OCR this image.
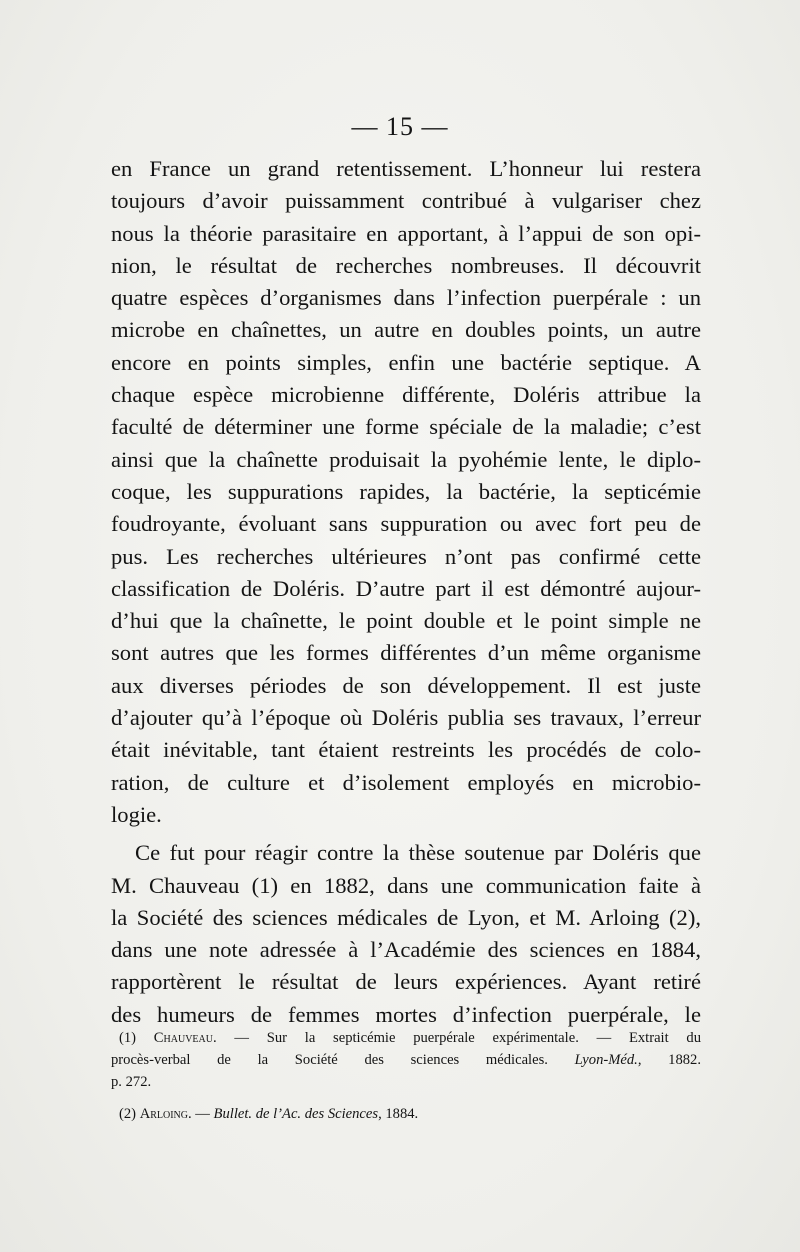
— 15 —
en France un grand retentissement. L’honneur lui restera
toujours d’avoir puissamment contribué à vulgariser chez
nous la théorie parasitaire en apportant, à l’appui de son opi-
nion, le résultat de recherches nombreuses. Il découvrit
quatre espèces d’organismes dans l’infection puerpérale : un
microbe en chaînettes, un autre en doubles points, un autre
encore en points simples, enfin une bactérie septique. A
chaque espèce microbienne différente, Doléris attribue la
faculté de déterminer une forme spéciale de la maladie; c’est
ainsi que la chaînette produisait la pyohémie lente, le diplo-
coque, les suppurations rapides, la bactérie, la septicémie
foudroyante, évoluant sans suppuration ou avec fort peu de
pus. Les recherches ultérieures n’ont pas confirmé cette
classification de Doléris. D’autre part il est démontré aujour-
d’hui que la chaînette, le point double et le point simple ne
sont autres que les formes différentes d’un même organisme
aux diverses périodes de son développement. Il est juste
d’ajouter qu’à l’époque où Doléris publia ses travaux, l’erreur
était inévitable, tant étaient restreints les procédés de colo-
ration, de culture et d’isolement employés en microbio-
logie.
Ce fut pour réagir contre la thèse soutenue par Doléris que
M. Chauveau (1) en 1882, dans une communication faite à
la Société des sciences médicales de Lyon, et M. Arloing (2),
dans une note adressée à l’Académie des sciences en 1884,
rapportèrent le résultat de leurs expériences. Ayant retiré
des humeurs de femmes mortes d’infection puerpérale, le
(1) Chauveau. — Sur la septicémie puerpérale expérimentale. — Extrait du
procès-verbal de la Société des sciences médicales. Lyon-Méd., 1882.
p. 272.
(2) Arloing. — Bullet. de l’Ac. des Sciences, 1884.
